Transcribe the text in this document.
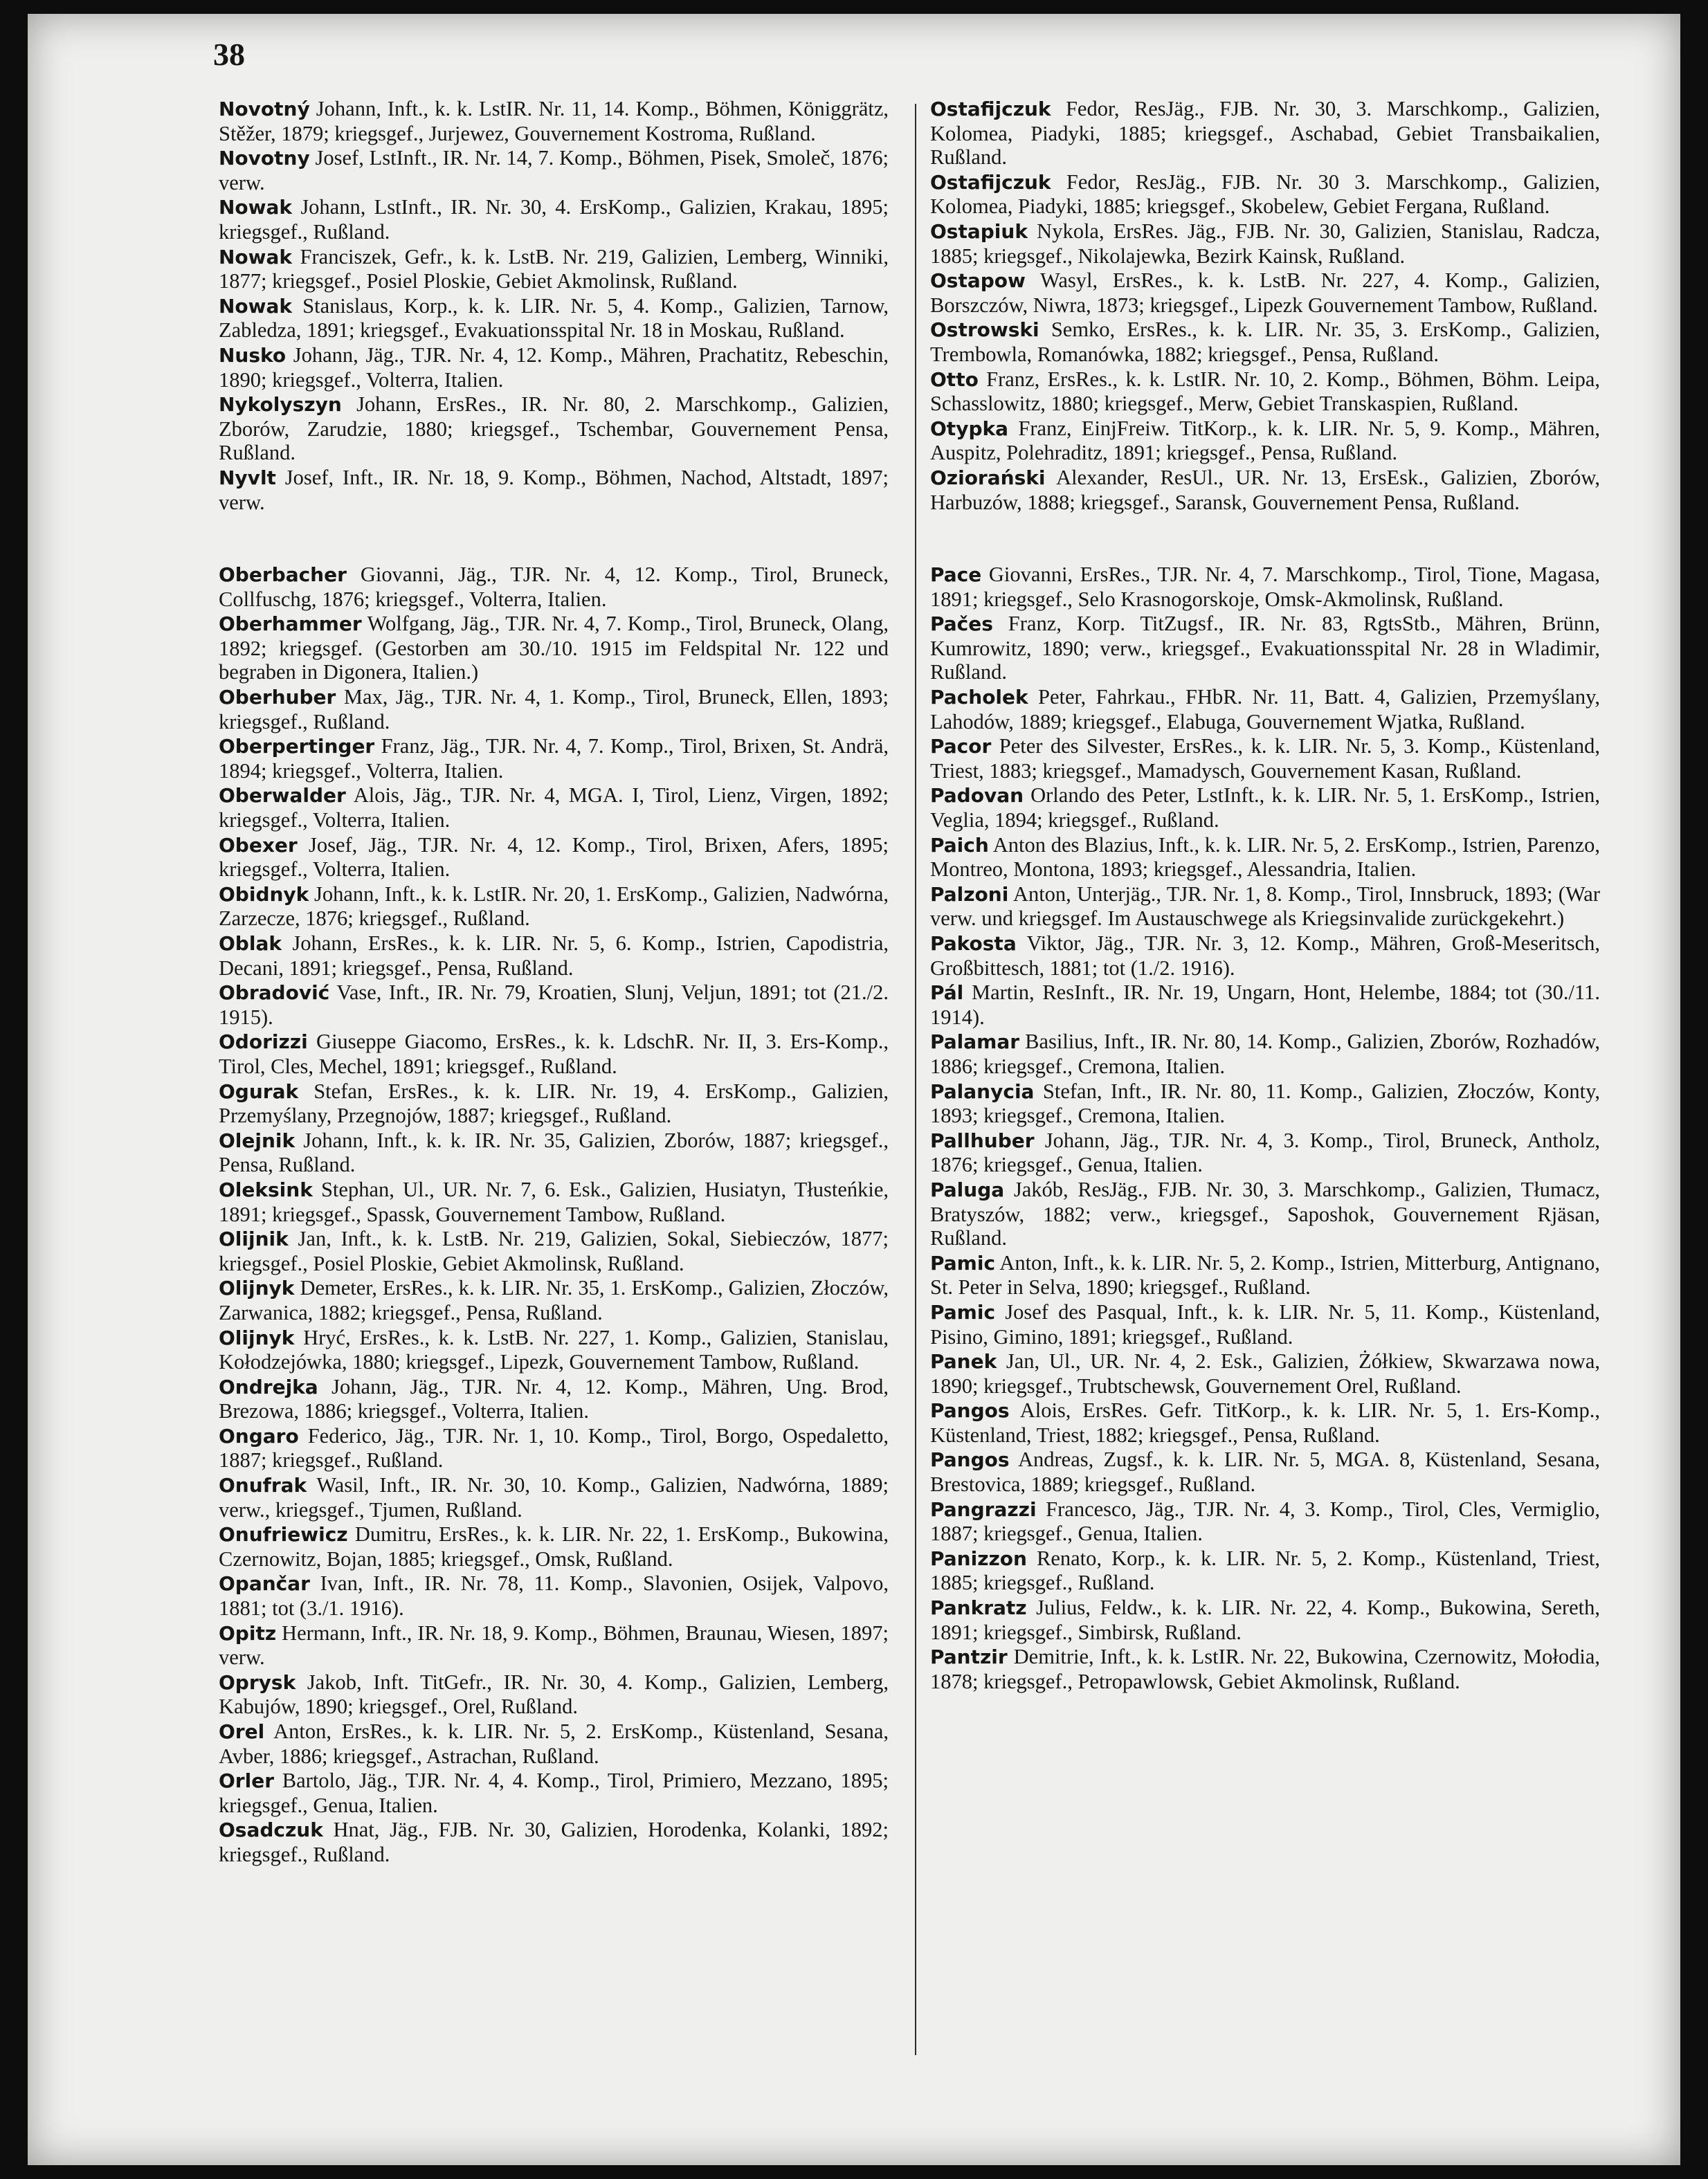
38

Novotný Johann, Inft., k. k. LstIR. Nr. 11, 14. Komp., Böhmen, Königgrätz, Stěžer, 1879; kriegsgef., Jurjewez, Gouvernement Kostroma, Rußland.

Novotny Josef, LstInft., IR. Nr. 14, 7. Komp., Böhmen, Pisek, Smoleč, 1876; verw.

Nowak Johann, LstInft., IR. Nr. 30, 4. ErsKomp., Galizien, Krakau, 1895; kriegsgef., Rußland.

Nowak Franciszek, Gefr., k. k. LstB. Nr. 219, Galizien, Lemberg, Winniki, 1877; kriegsgef., Posiel Ploskie, Gebiet Akmolinsk, Rußland.

Nowak Stanislaus, Korp., k. k. LIR. Nr. 5, 4. Komp., Galizien, Tarnow, Zabledza, 1891; kriegsgef., Evakuationsspital Nr. 18 in Moskau, Rußland.

Nusko Johann, Jäg., TJR. Nr. 4, 12. Komp., Mähren, Prachatitz, Rebeschin, 1890; kriegsgef., Volterra, Italien.

Nykolyszyn Johann, ErsRes., IR. Nr. 80, 2. Marschkomp., Galizien, Zborów, Zarudzie, 1880; kriegsgef., Tschembar, Gouvernement Pensa, Rußland.

Nyvlt Josef, Inft., IR. Nr. 18, 9. Komp., Böhmen, Nachod, Altstadt, 1897; verw.

Oberbacher Giovanni, Jäg., TJR. Nr. 4, 12. Komp., Tirol, Bruneck, Collfuschg, 1876; kriegsgef., Volterra, Italien.

Oberhammer Wolfgang, Jäg., TJR. Nr. 4, 7. Komp., Tirol, Bruneck, Olang, 1892; kriegsgef. (Gestorben am 30./10. 1915 im Feldspital Nr. 122 und begraben in Digonera, Italien.)

Oberhuber Max, Jäg., TJR. Nr. 4, 1. Komp., Tirol, Bruneck, Ellen, 1893; kriegsgef., Rußland.

Oberpertinger Franz, Jäg., TJR. Nr. 4, 7. Komp., Tirol, Brixen, St. Andrä, 1894; kriegsgef., Volterra, Italien.

Oberwalder Alois, Jäg., TJR. Nr. 4, MGA. I, Tirol, Lienz, Virgen, 1892; kriegsgef., Volterra, Italien.

Obexer Josef, Jäg., TJR. Nr. 4, 12. Komp., Tirol, Brixen, Afers, 1895; kriegsgef., Volterra, Italien.

Obidnyk Johann, Inft., k. k. LstIR. Nr. 20, 1. ErsKomp., Galizien, Nadwórna, Zarzecze, 1876; kriegsgef., Rußland.

Oblak Johann, ErsRes., k. k. LIR. Nr. 5, 6. Komp., Istrien, Capodistria, Decani, 1891; kriegsgef., Pensa, Rußland.

Obradović Vase, Inft., IR. Nr. 79, Kroatien, Slunj, Veljun, 1891; tot (21./2. 1915).

Odorizzi Giuseppe Giacomo, ErsRes., k. k. LdschR. Nr. II, 3. Ers-Komp., Tirol, Cles, Mechel, 1891; kriegsgef., Rußland.

Ogurak Stefan, ErsRes., k. k. LIR. Nr. 19, 4. ErsKomp., Galizien, Przemyślany, Przegnojów, 1887; kriegsgef., Rußland.

Olejnik Johann, Inft., k. k. IR. Nr. 35, Galizien, Zborów, 1887; kriegsgef., Pensa, Rußland.

Oleksink Stephan, Ul., UR. Nr. 7, 6. Esk., Galizien, Husiatyn, Tłusteńkie, 1891; kriegsgef., Spassk, Gouvernement Tambow, Rußland.

Olijnik Jan, Inft., k. k. LstB. Nr. 219, Galizien, Sokal, Siebieczów, 1877; kriegsgef., Posiel Ploskie, Gebiet Akmolinsk, Rußland.

Olijnyk Demeter, ErsRes., k. k. LIR. Nr. 35, 1. ErsKomp., Galizien, Złoczów, Zarwanica, 1882; kriegsgef., Pensa, Rußland.

Olijnyk Hryć, ErsRes., k. k. LstB. Nr. 227, 1. Komp., Galizien, Stanislau, Kołodzejówka, 1880; kriegsgef., Lipezk, Gouvernement Tambow, Rußland.

Ondrejka Johann, Jäg., TJR. Nr. 4, 12. Komp., Mähren, Ung. Brod, Brezowa, 1886; kriegsgef., Volterra, Italien.

Ongaro Federico, Jäg., TJR. Nr. 1, 10. Komp., Tirol, Borgo, Ospedaletto, 1887; kriegsgef., Rußland.

Onufrak Wasil, Inft., IR. Nr. 30, 10. Komp., Galizien, Nadwórna, 1889; verw., kriegsgef., Tjumen, Rußland.

Onufriewicz Dumitru, ErsRes., k. k. LIR. Nr. 22, 1. ErsKomp., Bukowina, Czernowitz, Bojan, 1885; kriegsgef., Omsk, Rußland.

Opančar Ivan, Inft., IR. Nr. 78, 11. Komp., Slavonien, Osijek, Valpovo, 1881; tot (3./1. 1916).

Opitz Hermann, Inft., IR. Nr. 18, 9. Komp., Böhmen, Braunau, Wiesen, 1897; verw.

Oprysk Jakob, Inft. TitGefr., IR. Nr. 30, 4. Komp., Galizien, Lemberg, Kabujów, 1890; kriegsgef., Orel, Rußland.

Orel Anton, ErsRes., k. k. LIR. Nr. 5, 2. ErsKomp., Küstenland, Sesana, Avber, 1886; kriegsgef., Astrachan, Rußland.

Orler Bartolo, Jäg., TJR. Nr. 4, 4. Komp., Tirol, Primiero, Mezzano, 1895; kriegsgef., Genua, Italien.

Osadczuk Hnat, Jäg., FJB. Nr. 30, Galizien, Horodenka, Kolanki, 1892; kriegsgef., Rußland.

Ostafijczuk Fedor, ResJäg., FJB. Nr. 30, 3. Marschkomp., Galizien, Kolomea, Piadyki, 1885; kriegsgef., Aschabad, Gebiet Transbaikalien, Rußland.

Ostafijczuk Fedor, ResJäg., FJB. Nr. 30 3. Marschkomp., Galizien, Kolomea, Piadyki, 1885; kriegsgef., Skobelew, Gebiet Fergana, Rußland.

Ostapiuk Nykola, ErsRes. Jäg., FJB. Nr. 30, Galizien, Stanislau, Radcza, 1885; kriegsgef., Nikolajewka, Bezirk Kainsk, Rußland.

Ostapow Wasyl, ErsRes., k. k. LstB. Nr. 227, 4. Komp., Galizien, Borszczów, Niwra, 1873; kriegsgef., Lipezk Gouvernement Tambow, Rußland.

Ostrowski Semko, ErsRes., k. k. LIR. Nr. 35, 3. ErsKomp., Galizien, Trembowla, Romanówka, 1882; kriegsgef., Pensa, Rußland.

Otto Franz, ErsRes., k. k. LstIR. Nr. 10, 2. Komp., Böhmen, Böhm. Leipa, Schasslowitz, 1880; kriegsgef., Merw, Gebiet Transkaspien, Rußland.

Otypka Franz, EinjFreiw. TitKorp., k. k. LIR. Nr. 5, 9. Komp., Mähren, Auspitz, Polehraditz, 1891; kriegsgef., Pensa, Rußland.

Oziorański Alexander, ResUl., UR. Nr. 13, ErsEsk., Galizien, Zborów, Harbuzów, 1888; kriegsgef., Saransk, Gouvernement Pensa, Rußland.

Pace Giovanni, ErsRes., TJR. Nr. 4, 7. Marschkomp., Tirol, Tione, Magasa, 1891; kriegsgef., Selo Krasnogorskoje, Omsk-Akmolinsk, Rußland.

Pačes Franz, Korp. TitZugsf., IR. Nr. 83, RgtsStb., Mähren, Brünn, Kumrowitz, 1890; verw., kriegsgef., Evakuationsspital Nr. 28 in Wladimir, Rußland.

Pacholek Peter, Fahrkau., FHbR. Nr. 11, Batt. 4, Galizien, Przemyślany, Lahodów, 1889; kriegsgef., Elabuga, Gouvernement Wjatka, Rußland.

Pacor Peter des Silvester, ErsRes., k. k. LIR. Nr. 5, 3. Komp., Küstenland, Triest, 1883; kriegsgef., Mamadysch, Gouvernement Kasan, Rußland.

Padovan Orlando des Peter, LstInft., k. k. LIR. Nr. 5, 1. ErsKomp., Istrien, Veglia, 1894; kriegsgef., Rußland.

Paich Anton des Blazius, Inft., k. k. LIR. Nr. 5, 2. ErsKomp., Istrien, Parenzo, Montreo, Montona, 1893; kriegsgef., Alessandria, Italien.

Palzoni Anton, Unterjäg., TJR. Nr. 1, 8. Komp., Tirol, Innsbruck, 1893; (War verw. und kriegsgef. Im Austauschwege als Kriegsinvalide zurückgekehrt.)

Pakosta Viktor, Jäg., TJR. Nr. 3, 12. Komp., Mähren, Groß-Meseritsch, Großbittesch, 1881; tot (1./2. 1916).

Pál Martin, ResInft., IR. Nr. 19, Ungarn, Hont, Helembe, 1884; tot (30./11. 1914).

Palamar Basilius, Inft., IR. Nr. 80, 14. Komp., Galizien, Zborów, Rozhadów, 1886; kriegsgef., Cremona, Italien.

Palanycia Stefan, Inft., IR. Nr. 80, 11. Komp., Galizien, Złoczów, Konty, 1893; kriegsgef., Cremona, Italien.

Pallhuber Johann, Jäg., TJR. Nr. 4, 3. Komp., Tirol, Bruneck, Antholz, 1876; kriegsgef., Genua, Italien.

Paluga Jakób, ResJäg., FJB. Nr. 30, 3. Marschkomp., Galizien, Tłumacz, Bratyszów, 1882; verw., kriegsgef., Saposhok, Gouvernement Rjäsan, Rußland.

Pamic Anton, Inft., k. k. LIR. Nr. 5, 2. Komp., Istrien, Mitterburg, Antignano, St. Peter in Selva, 1890; kriegsgef., Rußland.

Pamic Josef des Pasqual, Inft., k. k. LIR. Nr. 5, 11. Komp., Küstenland, Pisino, Gimino, 1891; kriegsgef., Rußland.

Panek Jan, Ul., UR. Nr. 4, 2. Esk., Galizien, Żółkiew, Skwarzawa nowa, 1890; kriegsgef., Trubtschewsk, Gouvernement Orel, Rußland.

Pangos Alois, ErsRes. Gefr. TitKorp., k. k. LIR. Nr. 5, 1. Ers-Komp., Küstenland, Triest, 1882; kriegsgef., Pensa, Rußland.

Pangos Andreas, Zugsf., k. k. LIR. Nr. 5, MGA. 8, Küstenland, Sesana, Brestovica, 1889; kriegsgef., Rußland.

Pangrazzi Francesco, Jäg., TJR. Nr. 4, 3. Komp., Tirol, Cles, Vermiglio, 1887; kriegsgef., Genua, Italien.

Panizzon Renato, Korp., k. k. LIR. Nr. 5, 2. Komp., Küstenland, Triest, 1885; kriegsgef., Rußland.

Pankratz Julius, Feldw., k. k. LIR. Nr. 22, 4. Komp., Bukowina, Sereth, 1891; kriegsgef., Simbirsk, Rußland.

Pantzir Demitrie, Inft., k. k. LstIR. Nr. 22, Bukowina, Czernowitz, Mołodia, 1878; kriegsgef., Petropawlowsk, Gebiet Akmolinsk, Rußland.
